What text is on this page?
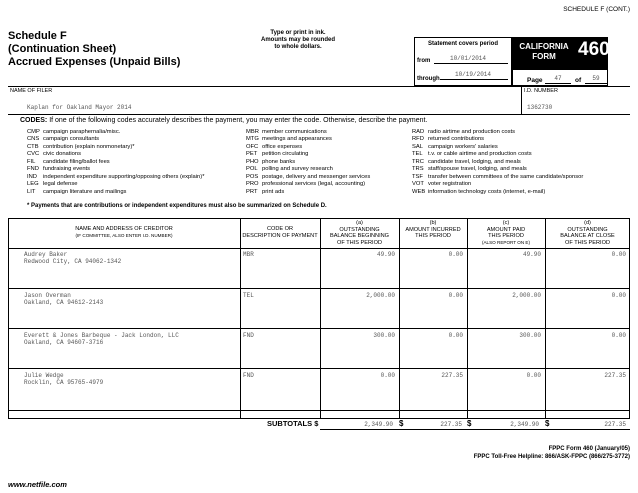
SCHEDULE F (CONT.)
Schedule F
(Continuation Sheet)
Accrued Expenses (Unpaid Bills)
Type or print in ink.
Amounts may be rounded
to whole dollars.	Statement covers period
from	10/01/2014
through
10/19/2014
CALIFORNIA
FORM	460
Page	47	of	59
NAME OF FILER
Kaplan for Oakland Mayor 2014
I.D. NUMBER
1362730
CODES: If one of the following codes accurately describes the payment, you may enter the code. Otherwise, describe the payment.
CMP campaign paraphernalia/misc.
CNS campaign consultants
CTB contribution (explain nonmonetary)*
CVC civic donations
FIL candidate filing/ballot fees
FND fundraising events
IND independent expenditure supporting/opposing others (explain)*
LEG legal defense
LIT campaign literature and mailings
MBR member communications
MTG meetings and appearances
OFC office expenses
PET petition circulating
PHO phone banks
POL polling and survey research
POS postage, delivery and messenger services
PRO professional services (legal, accounting)
PRT print ads
RAD radio airtime and production costs
RFD returned contributions
SAL campaign workers' salaries
TEL t.v. or cable airtime and production costs
TRC candidate travel, lodging, and meals
TRS staff/spouse travel, lodging, and meals
TSF transfer between committees of the same candidate/sponsor
VOT voter registration
WEB information technology costs (internet, e-mail)
* Payments that are contributions or independent expenditures must also be summarized on Schedule D.
NAME AND ADDRESS OF CREDITOR
(IF COMMITTEE, ALSO ENTER I.D. NUMBER)
CODE OR
DESCRIPTION OF PAYMENT
(a)
OUTSTANDING
BALANCE BEGINNING
OF THIS PERIOD
(b)
AMOUNT INCURRED
THIS PERIOD
(c)
AMOUNT PAID
THIS PERIOD
(ALSO REPORT ON E)
(d)
OUTSTANDING
BALANCE AT CLOSE
OF THIS PERIOD
Audrey Baker
Redwood City, CA 94062-1342
MBR	49.90	0.00	49.90	0.00
Jason Overman
Oakland, CA 94612-2143
TEL	2,000.00	0.00	2,000.00	0.00
Everett & Jones Barbeque - Jack London, LLC
Oakland, CA 94607-3716
FND	300.00	0.00	300.00	0.00
Julie Wedge
Rocklin, CA 95765-4979
FND	0.00	227.35	0.00	227.35
SUBTOTALS $	2,349.90 $	227.35 $	2,349.90 $	227.35
FPPC Form 460 (January/05)
FPPC Toll-Free Helpline: 866/ASK-FPPC (866/275-3772)
www.netfile.com
